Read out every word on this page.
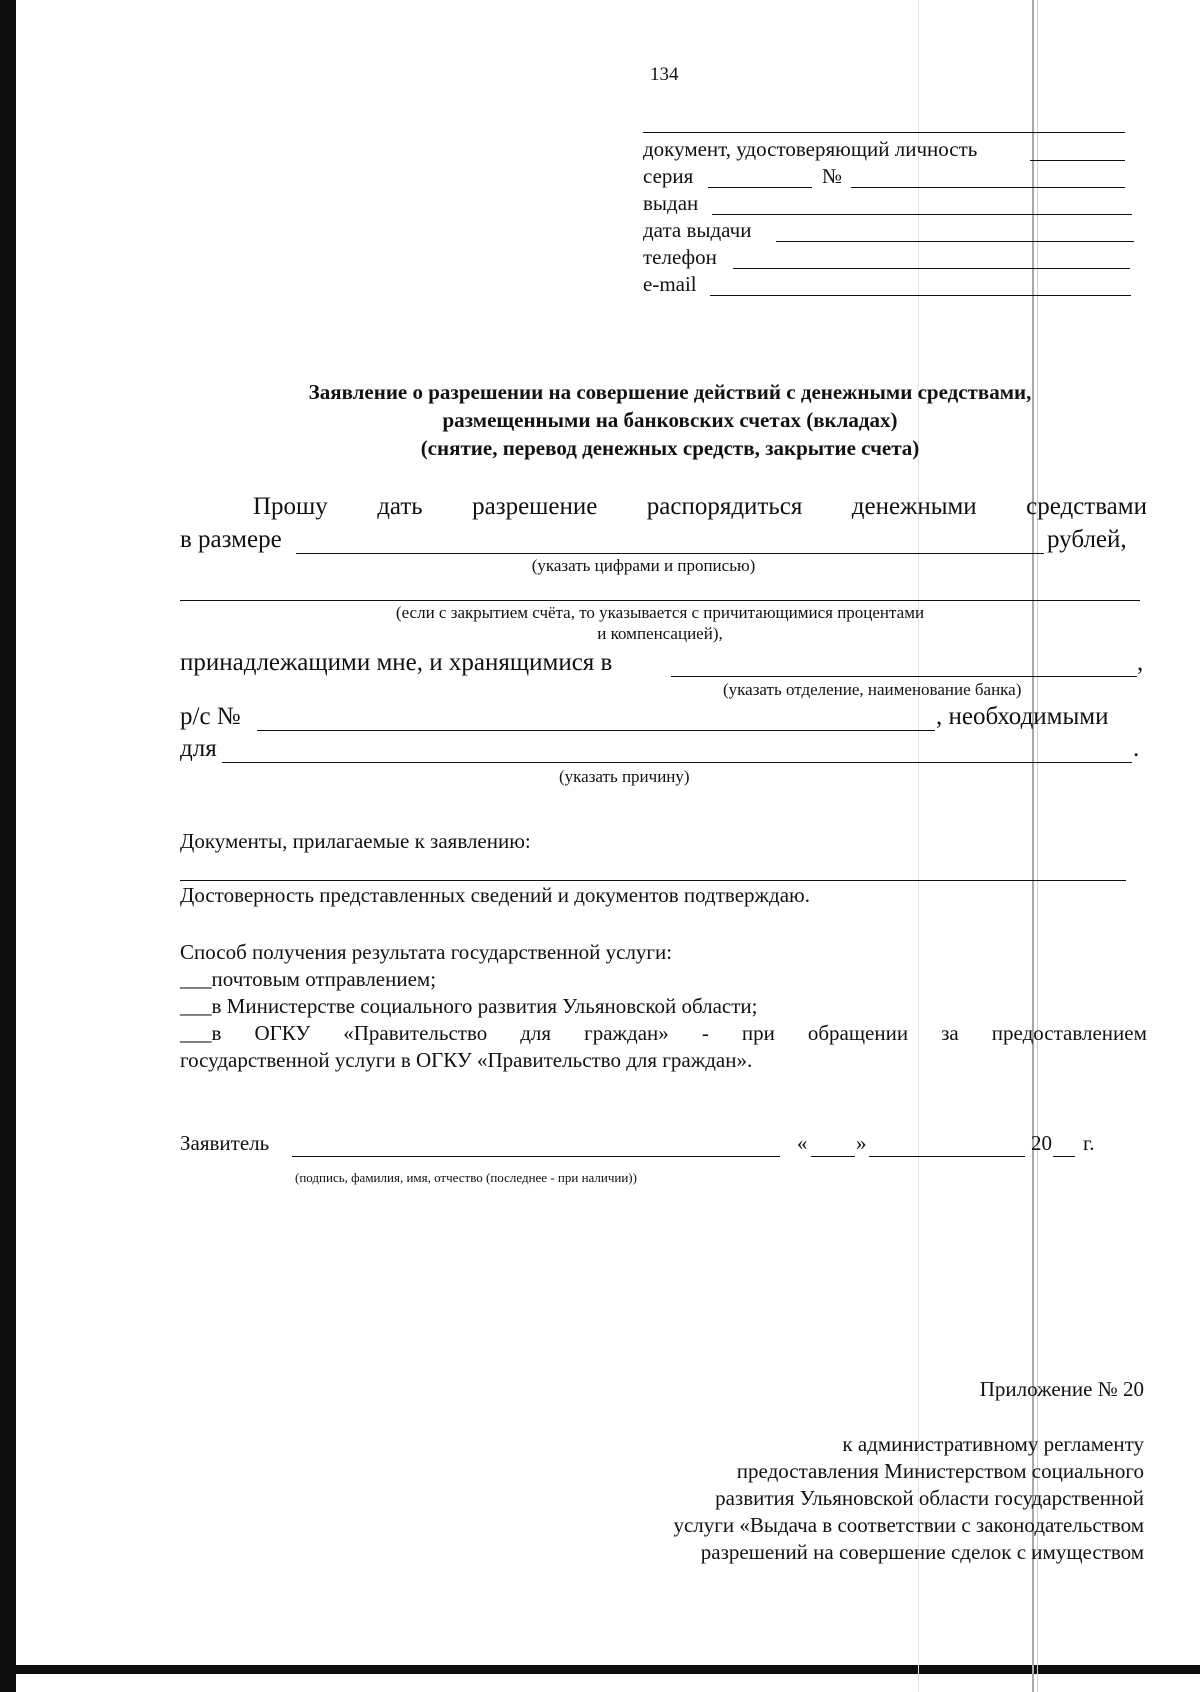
134
документ, удостоверяющий личность
серия	№
выдан
дата выдачи
телефон
e-mail
Заявление о разрешении на совершение действий с денежными средствами,
размещенными на банковских счетах (вкладах)
(снятие, перевод денежных средств, закрытие счета)
Прошу дать разрешение распорядиться денежными средствами
в размере	рублей,
(указать цифрами и прописью)
(если с закрытием счёта, то указывается с причитающимися процентами
и компенсацией),
принадлежащими мне, и хранящимися в	,
(указать отделение, наименование банка)
р/с №	, необходимыми
для	.
(указать причину)
Документы, прилагаемые к заявлению:
Достоверность представленных сведений и документов подтверждаю.
Способ получения результата государственной услуги:
___почтовым отправлением;
___в Министерстве социального развития Ульяновской области;
___в ОГКУ «Правительство для граждан» - при обращении за предоставлением
государственной услуги в ОГКУ «Правительство для граждан».
Заявитель	« »	20 г.
(подпись, фамилия, имя, отчество (последнее - при наличии))
Приложение № 20
к административному регламенту
предоставления Министерством социального
развития Ульяновской области государственной
услуги «Выдача в соответствии с законодательством
разрешений на совершение сделок с имуществом
